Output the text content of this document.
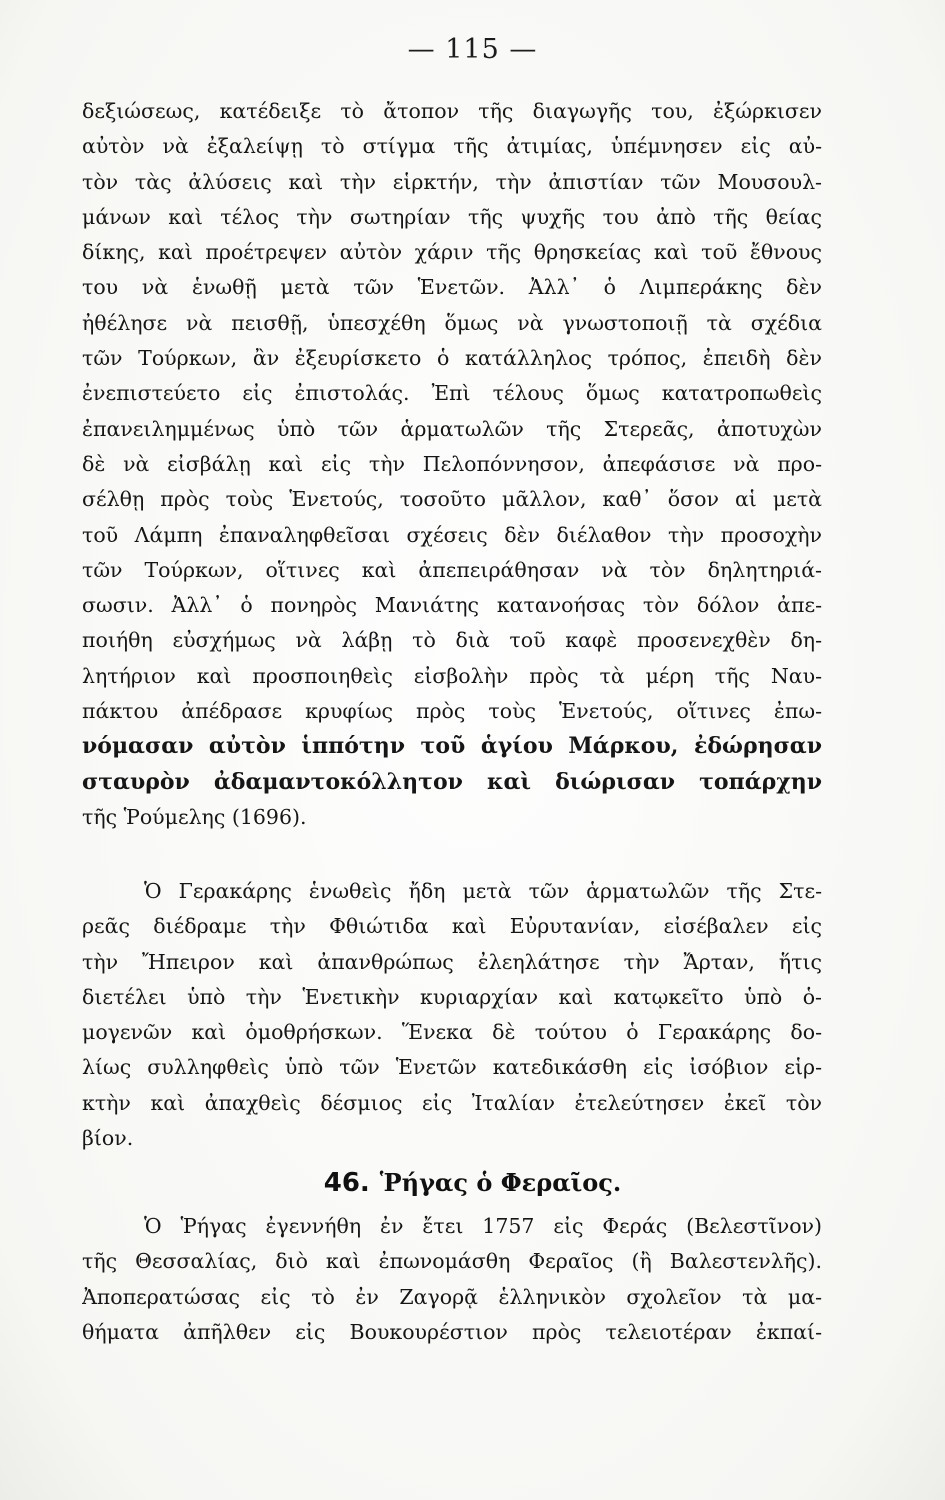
— 115 —
δεξιώσεως, κατέδειξε τὸ ἄτοπον τῆς διαγωγῆς του, ἐξώρκισεν
αὐτὸν νὰ ἐξαλείψῃ τὸ στίγμα τῆς ἀτιμίας, ὑπέμνησεν εἰς αὐ-
τὸν τὰς ἀλύσεις καὶ τὴν εἱρκτήν, τὴν ἀπιστίαν τῶν Μουσουλ-
μάνων καὶ τέλος τὴν σωτηρίαν τῆς ψυχῆς του ἀπὸ τῆς θείας
δίκης, καὶ προέτρεψεν αὐτὸν χάριν τῆς θρησκείας καὶ τοῦ ἔθνους
του νὰ ἑνωθῇ μετὰ τῶν Ἑνετῶν. Ἀλλ᾽ ὁ Λιμπεράκης δὲν
ἠθέλησε νὰ πεισθῇ, ὑπεσχέθη ὅμως νὰ γνωστοποιῇ τὰ σχέδια
τῶν Τούρκων, ἂν ἐξευρίσκετο ὁ κατάλληλος τρόπος, ἐπειδὴ δὲν
ἐνεπιστεύετο εἰς ἐπιστολάς. Ἐπὶ τέλους ὅμως κατατροπωθεὶς
ἐπανειλημμένως ὑπὸ τῶν ἁρματωλῶν τῆς Στερεᾶς, ἀποτυχὼν
δὲ νὰ εἰσβάλῃ καὶ εἰς τὴν Πελοπόννησον, ἀπεφάσισε νὰ προ-
σέλθῃ πρὸς τοὺς Ἑνετούς, τοσοῦτο μᾶλλον, καθ᾽ ὅσον αἱ μετὰ
τοῦ Λάμπη ἐπαναληφθεῖσαι σχέσεις δὲν διέλαθον τὴν προσοχὴν
τῶν Τούρκων, οἵτινες καὶ ἀπεπειράθησαν νὰ τὸν δηλητηριά-
σωσιν. Ἀλλ᾽ ὁ πονηρὸς Μανιάτης κατανοήσας τὸν δόλον ἀπε-
ποιήθη εὐσχήμως νὰ λάβῃ τὸ διὰ τοῦ καφὲ προσενεχθὲν δη-
λητήριον καὶ προσποιηθεὶς εἰσβολὴν πρὸς τὰ μέρη τῆς Ναυ-
πάκτου ἀπέδρασε κρυφίως πρὸς τοὺς Ἑνετούς, οἵτινες ἐπω-
νόμασαν αὐτὸν ἱππότην τοῦ ἁγίου Μάρκου, ἐδώρησαν
σταυρὸν ἀδαμαντοκόλλητον καὶ διώρισαν τοπάρχην
τῆς Ῥούμελης (1696).
Ὁ Γερακάρης ἑνωθεὶς ἤδη μετὰ τῶν ἁρματωλῶν τῆς Στε-
ρεᾶς διέδραμε τὴν Φθιώτιδα καὶ Εὐρυτανίαν, εἰσέβαλεν εἰς
τὴν Ἤπειρον καὶ ἀπανθρώπως ἐλεηλάτησε τὴν Ἄρταν, ἥτις
διετέλει ὑπὸ τὴν Ἑνετικὴν κυριαρχίαν καὶ κατῳκεῖτο ὑπὸ ὁ-
μογενῶν καὶ ὁμοθρήσκων. Ἕνεκα δὲ τούτου ὁ Γερακάρης δο-
λίως συλληφθεὶς ὑπὸ τῶν Ἑνετῶν κατεδικάσθη εἰς ἰσόβιον εἱρ-
κτὴν καὶ ἀπαχθεὶς δέσμιος εἰς Ἰταλίαν ἐτελεύτησεν ἐκεῖ τὸν
βίον.
46. Ῥήγας ὁ Φεραῖος.
Ὁ Ῥήγας ἐγεννήθη ἐν ἔτει 1757 εἰς Φεράς (Βελεστῖνον)
τῆς Θεσσαλίας, διὸ καὶ ἐπωνομάσθη Φεραῖος (ἢ Βαλεστενλῆς).
Ἀποπερατώσας εἰς τὸ ἐν Ζαγορᾷ ἑλληνικὸν σχολεῖον τὰ μα-
θήματα ἀπῆλθεν εἰς Βουκουρέστιον πρὸς τελειοτέραν ἐκπαί-
